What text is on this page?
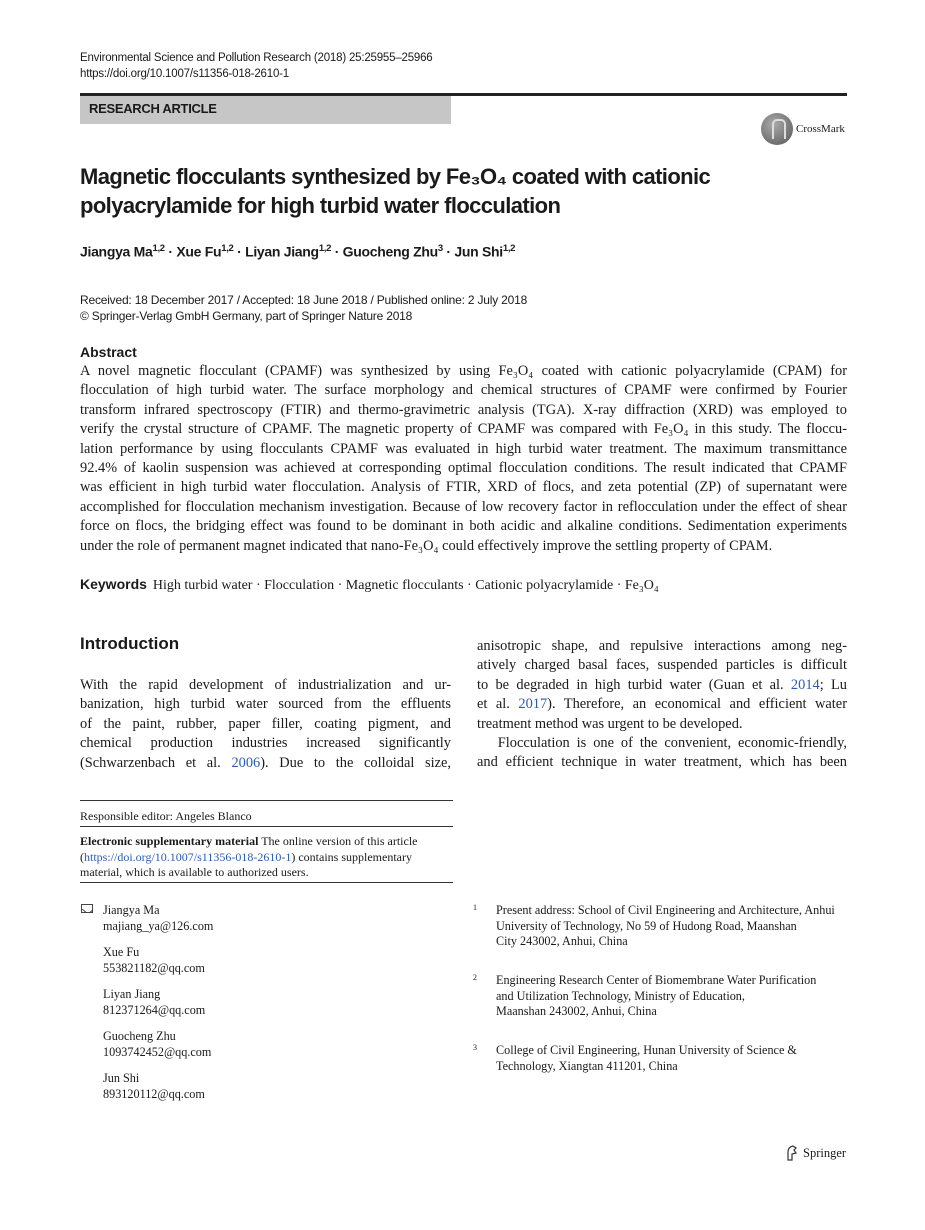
Environmental Science and Pollution Research (2018) 25:25955–25966
https://doi.org/10.1007/s11356-018-2610-1
RESEARCH ARTICLE
CrossMark
Magnetic flocculants synthesized by Fe₃O₄ coated with cationic
polyacrylamide for high turbid water flocculation
Jiangya Ma$^{1,2}$ · Xue Fu$^{1,2}$ · Liyan Jiang$^{1,2}$ · Guocheng Zhu$^3$ · Jun Shi$^{1,2}$
Received: 18 December 2017 / Accepted: 18 June 2018 / Published online: 2 July 2018
© Springer-Verlag GmbH Germany, part of Springer Nature 2018
Abstract
A novel magnetic flocculant (CPAMF) was synthesized by using Fe₃O₄ coated with cationic polyacrylamide (CPAM) for
flocculation of high turbid water. The surface morphology and chemical structures of CPAMF were confirmed by Fourier
transform infrared spectroscopy (FTIR) and thermo-gravimetric analysis (TGA). X-ray diffraction (XRD) was employed to
verify the crystal structure of CPAMF. The magnetic property of CPAMF was compared with Fe₃O₄ in this study. The floccu-
lation performance by using flocculants CPAMF was evaluated in high turbid water treatment. The maximum transmittance
92.4% of kaolin suspension was achieved at corresponding optimal flocculation conditions. The result indicated that CPAMF
was efficient in high turbid water flocculation. Analysis of FTIR, XRD of flocs, and zeta potential (ZP) of supernatant were
accomplished for flocculation mechanism investigation. Because of low recovery factor in reflocculation under the effect of shear
force on flocs, the bridging effect was found to be dominant in both acidic and alkaline conditions. Sedimentation experiments
under the role of permanent magnet indicated that nano-Fe₃O₄ could effectively improve the settling property of CPAM.
Keywords High turbid water · Flocculation · Magnetic flocculants · Cationic polyacrylamide · Fe₃O₄
Introduction
With the rapid development of industrialization and ur-
banization, high turbid water sourced from the effluents
of the paint, rubber, paper filler, coating pigment, and
chemical production industries increased significantly
(Schwarzenbach et al. 2006). Due to the colloidal size,
anisotropic shape, and repulsive interactions among neg-
atively charged basal faces, suspended particles is difficult
to be degraded in high turbid water (Guan et al. 2014; Lu
et al. 2017). Therefore, an economical and efficient water
treatment method was urgent to be developed.
Flocculation is one of the convenient, economic-friendly,
and efficient technique in water treatment, which has been
Responsible editor: Angeles Blanco
Electronic supplementary material The online version of this article
(https://doi.org/10.1007/s11356-018-2610-1) contains supplementary
material, which is available to authorized users.
Jiangya Ma
majiang_ya@126.com
Xue Fu
553821182@qq.com
Liyan Jiang
812371264@qq.com
Guocheng Zhu
1093742452@qq.com
Jun Shi
893120112@qq.com
1	Present address: School of Civil Engineering and Architecture, Anhui
University of Technology, No 59 of Hudong Road, Maanshan
City 243002, Anhui, China
2	Engineering Research Center of Biomembrane Water Purification
and Utilization Technology, Ministry of Education,
Maanshan 243002, Anhui, China
3	College of Civil Engineering, Hunan University of Science &
Technology, Xiangtan 411201, China
Springer
